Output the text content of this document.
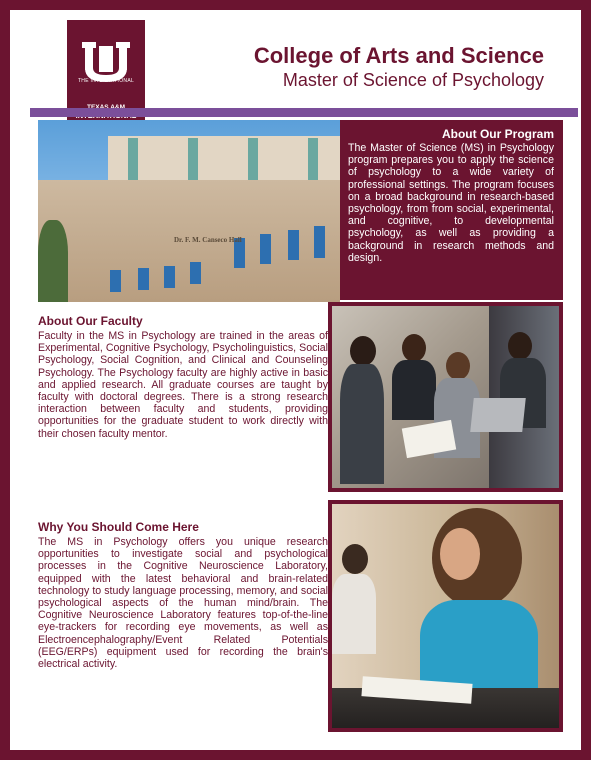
THE INTERNATIONAL
College of Arts and Science
Master of Science of Psychology
Dr. F. M. Canseco Hall
About Our Program

The Master of Science (MS) in Psychology program prepares you to apply the science of psychology to a wide variety of professional settings. The program focuses on a broad background in research-based psychology, from from social, experimental, and cognitive, to developmental psychology, as well as providing a background in research methods and design.

About Our Faculty

Faculty in the MS in Psychology are trained in the areas of Experimental, Cognitive Psychology, Psycholinguistics, Social Psychology, Social Cognition, and Clinical and Counseling Psychology. The Psychology faculty are highly active in basic and applied research. All graduate courses are taught by faculty with doctoral degrees. There is a strong research interaction between faculty and students, providing opportunities for the graduate student to work directly with their chosen faculty mentor.

Why You Should Come Here

The MS in Psychology offers you unique research opportunities to investigate social and psychological processes in the Cognitive Neuroscience Laboratory, equipped with the latest behavioral and brain-related technology to study language processing, memory, and social psychological aspects of the human mind/brain. The Cognitive Neuroscience Laboratory features top-of-the-line eye-trackers for recording eye movements, as well as Electroencephalography/Event Related Potentials (EEG/ERPs) equipment used for recording the brain's electrical activity.
